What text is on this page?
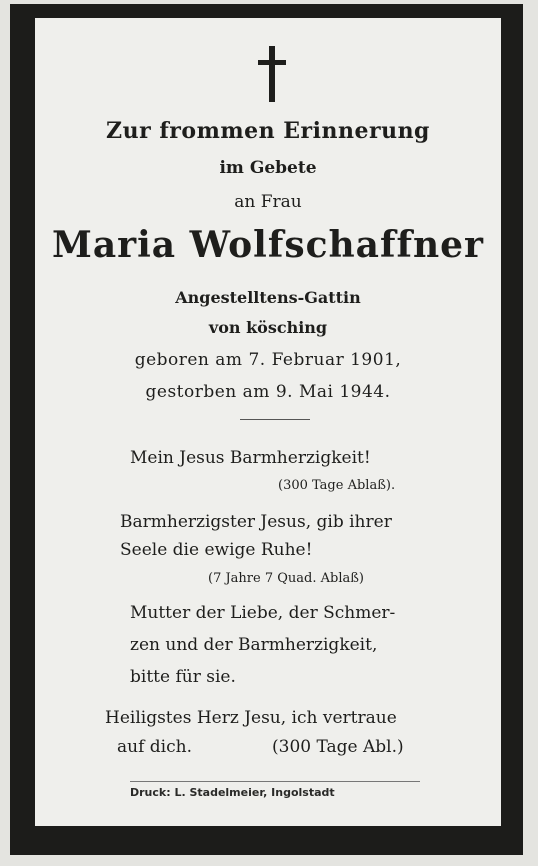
Zur frommen Erinnerung
im Gebete
an Frau
Maria Wolfschaffner
Angestelltens-Gattin
von kösching
geboren am 7. Februar 1901,
gestorben am 9. Mai 1944.
Mein Jesus Barmherzigkeit!
(300 Tage Ablaß).
Barmherzigster Jesus, gib ihrer
Seele die ewige Ruhe!
(7 Jahre 7 Quad. Ablaß)
Mutter der Liebe, der Schmer-
zen und der Barmherzigkeit,
bitte für sie.
Heiligstes Herz Jesu, ich vertraue
auf dich.	(300 Tage Abl.)
Druck: L. Stadelmeier, Ingolstadt
